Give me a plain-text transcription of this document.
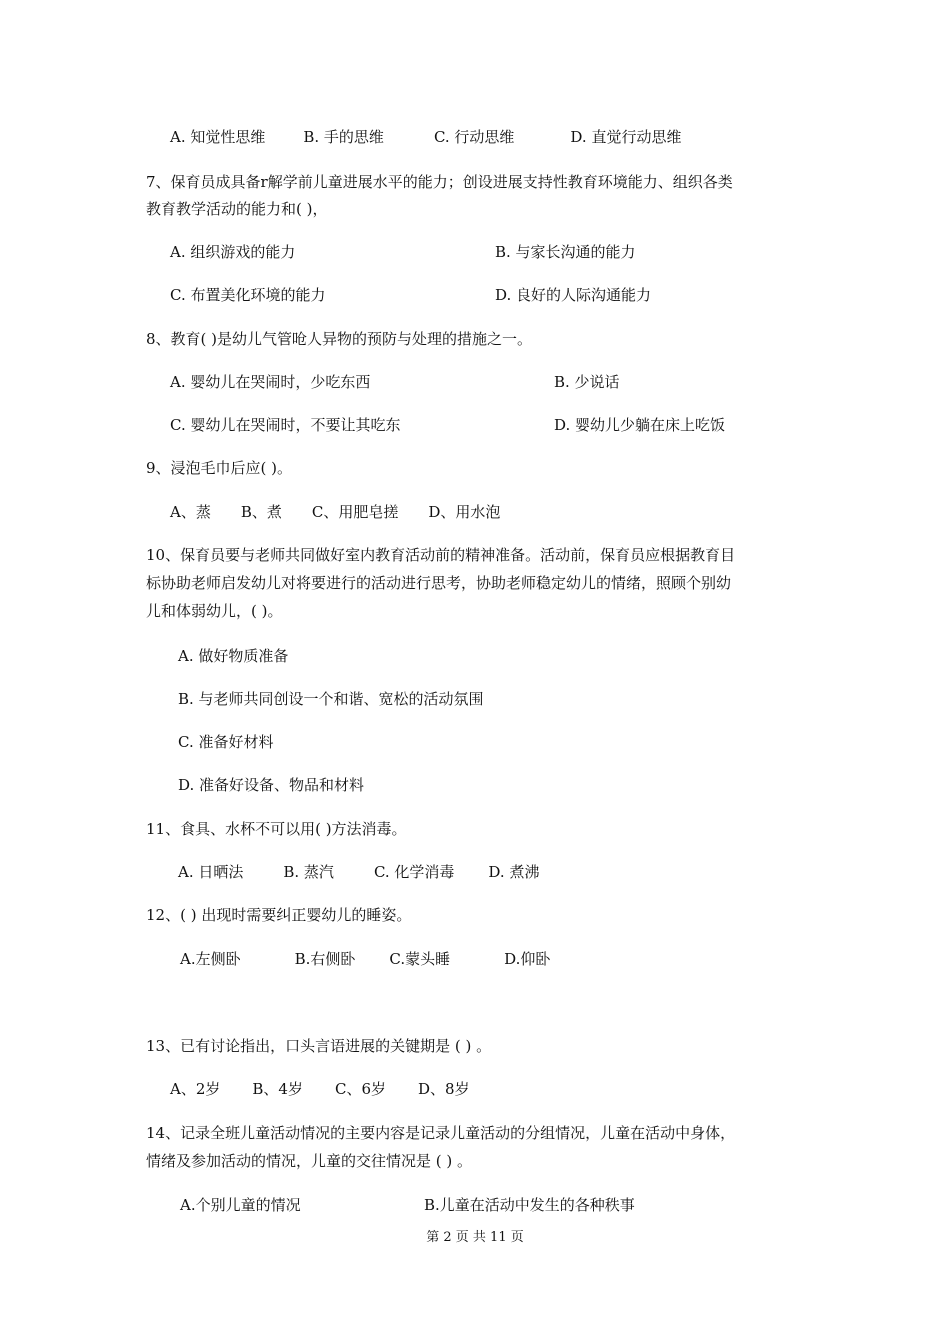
A. 知觉性思维	B. 手的思维	C. 行动思维	D. 直觉行动思维
7、保育员成具备r解学前儿童进展水平的能力；创设进展支持性教育环境能力、组织各类
教育教学活动的能力和( )，
A. 组织游戏的能力	B. 与家长沟通的能力
C. 布置美化环境的能力	D. 良好的人际沟通能力
8、教育( )是幼儿气管呛人异物的预防与处理的措施之一。
A. 婴幼儿在哭闹时，少吃东西	B. 少说话
C. 婴幼儿在哭闹时，不要让其吃东	D. 婴幼儿少躺在床上吃饭
9、浸泡毛巾后应( )。
A、蒸 B、煮 C、用肥皂搓 D、用水泡
10、保育员要与老师共同做好室内教育活动前的精神准备。活动前，保育员应根据教育目
标协助老师启发幼儿对将要进行的活动进行思考，协助老师稳定幼儿的情绪，照顾个别幼
儿和体弱幼儿，( )。
A. 做好物质准备
B. 与老师共同创设一个和谐、宽松的活动氛围
C. 准备好材料
D. 准备好设备、物品和材料
11、食具、水杯不可以用( )方法消毒。
A. 日晒法	B. 蒸汽	C. 化学消毒 D. 煮沸
12、( ) 出现时需要纠正婴幼儿的睡姿。
A.左侧卧	B.右侧卧 C.蒙头睡	D.仰卧
13、已有讨论指出，口头言语进展的关键期是 ( ) 。
A、2岁 B、4岁 C、6岁 D、8岁
14、记录全班儿童活动情况的主要内容是记录儿童活动的分组情况，儿童在活动中身体，
情绪及参加活动的情况，儿童的交往情况是 ( ) 。
A.个别儿童的情况	B.儿童在活动中发生的各种秩事
第 2 页 共 11 页
